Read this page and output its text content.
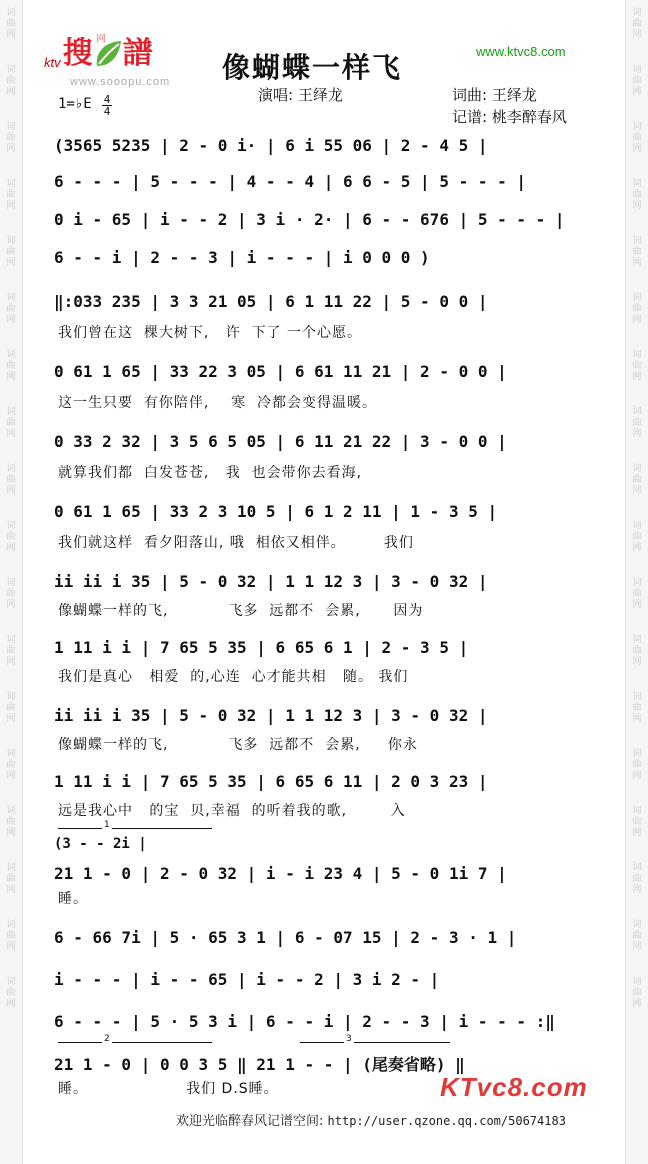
词
曲
网
词
曲
网
词
曲
网
词
曲
网
词
曲
网
词
曲
网
词
曲
网
词
曲
网
词
曲
网
词
曲
网
词
曲
网
词
曲
网
词
曲
网
词
曲
网
词
曲
网
词
曲
网
词
曲
网
词
曲
网
词
曲
网
词
曲
网
词
曲
网
词
曲
网
词
曲
网
词
曲
网
词
曲
网
词
曲
网
词
曲
网
词
曲
网
词
曲
网
词
曲
网
词
曲
网
词
曲
网
词
曲
网
词
曲
网
词
曲
网
词
曲
网
ktv 搜 譜
网
www.sooopu.com
www.ktvc8.com
像蝴蝶一样飞
演唱: 王绎龙	词曲: 王绎龙
记谱: 桃李醉春风
1=♭E 4
4
(3565 5235 | 2 - 0 i· | 6 i 55 06 | 2 - 4 5 |
6 - - - | 5 - - - | 4 - - 4 | 6 6 - 5 | 5 - - - |
0 i - 65 | i - - 2 | 3 i · 2· | 6 - - 676 | 5 - - - |
6 - - i | 2 - - 3 | i - - - | i 0 0 0 )
‖:033 235 | 3 3 21 05 | 6 1 11 22 | 5 - 0 0 |
我们曾在这  棵大树下,   许  下了 一个心愿。
0 61 1 65 | 33 22 3 05 | 6 61 11 21 | 2 - 0 0 |
这一生只要  有你陪伴,    寒  冷都会变得温暖。
0 33 2 32 | 3 5 6 5 05 | 6 11 21 22 | 3 - 0 0 |
就算我们都  白发苍苍,   我  也会带你去看海,
0 61 1 65 | 33 2 3 10 5 | 6 1 2 11 | 1 - 3 5 |
我们就这样  看夕阳落山, 哦  相依又相伴。       我们
ii ii i 35 | 5 - 0 32 | 1 1 12 3 | 3 - 0 32 |
像蝴蝶一样的飞,           飞多  远都不  会累,      因为
1 11 i i | 7 65 5 35 | 6 65 6 1 | 2 - 3 5 |
我们是真心   相爱  的,心连  心才能共相   随。 我们
ii ii i 35 | 5 - 0 32 | 1 1 12 3 | 3 - 0 32 |
像蝴蝶一样的飞,           飞多  远都不  会累,     你永
1 11 i i | 7 65 5 35 | 6 65 6 11 | 2 0 3 23 |
远是我心中   的宝  贝,幸福  的听着我的歌,        入
1
(3 - - 2i |
21 1 - 0 | 2 - 0 32 | i - i 23 4 | 5 - 0 1i 7 |
睡。
6 - 66 7i | 5 · 65 3 1 | 6 - 07 15 | 2 - 3 · 1 |
i - - - | i - - 65 | i - - 2 | 3 i 2 - |
6 - - - | 5 · 5 3 i | 6 - - i | 2 - - 3 | i - - - :‖
2	3
21 1 - 0 | 0 0 3 5 ‖ 21 1 - - | (尾奏省略) ‖
睡。                  我们 D.S睡。	KTvc8.com
欢迎光临醉春风记谱空间: http://user.qzone.qq.com/50674183
